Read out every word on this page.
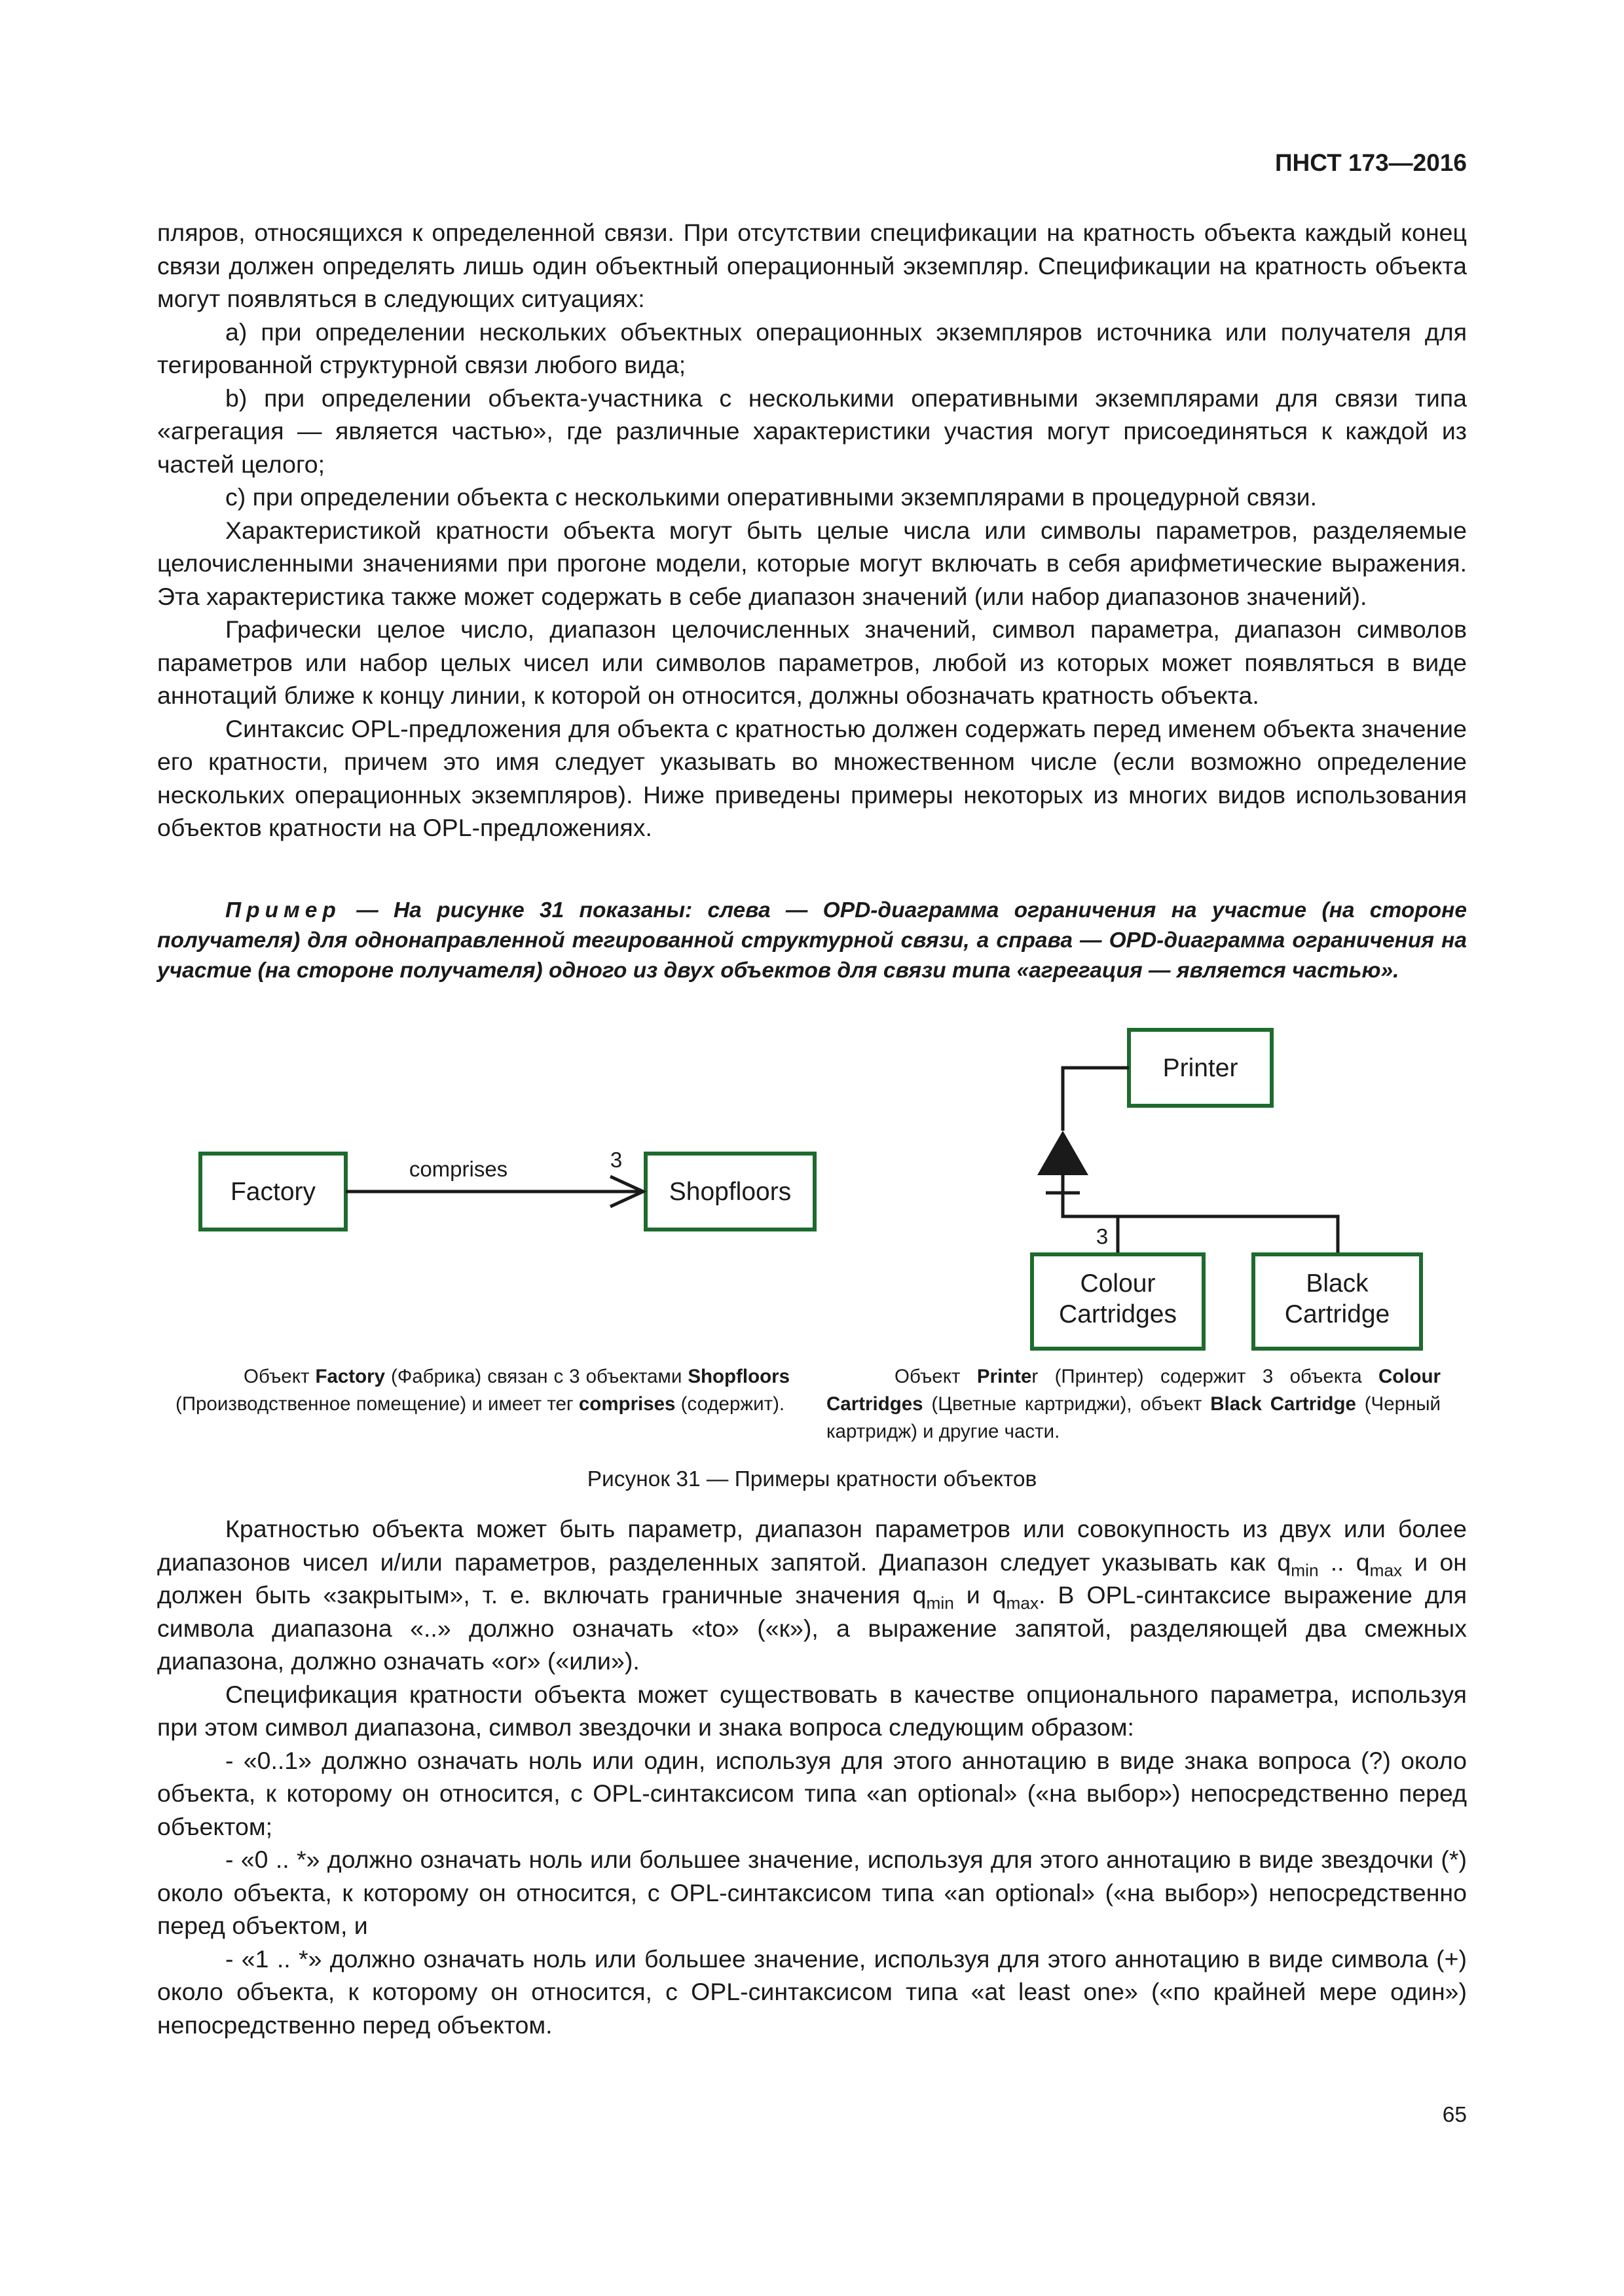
ПНСТ 173—2016

пляров, относящихся к определенной связи. При отсутствии спецификации на кратность объекта каждый конец связи должен определять лишь один объектный операционный экземпляр. Спецификации на кратность объекта могут появляться в следующих ситуациях:

a) при определении нескольких объектных операционных экземпляров источника или получателя для тегированной структурной связи любого вида;

b) при определении объекта-участника с несколькими оперативными экземплярами для связи типа «агрегация — является частью», где различные характеристики участия могут присоединяться к каждой из частей целого;

c) при определении объекта с несколькими оперативными экземплярами в процедурной связи.

Характеристикой кратности объекта могут быть целые числа или символы параметров, разделяемые целочисленными значениями при прогоне модели, которые могут включать в себя арифметические выражения. Эта характеристика также может содержать в себе диапазон значений (или набор диапазонов значений).

Графически целое число, диапазон целочисленных значений, символ параметра, диапазон символов параметров или набор целых чисел или символов параметров, любой из которых может появляться в виде аннотаций ближе к концу линии, к которой он относится, должны обозначать кратность объекта.

Синтаксис OPL-предложения для объекта с кратностью должен содержать перед именем объекта значение его кратности, причем это имя следует указывать во множественном числе (если возможно определение нескольких операционных экземпляров). Ниже приведены примеры некоторых из многих видов использования объектов кратности на OPL-предложениях.

Пример — На рисунке 31 показаны: слева — OPD-диаграмма ограничения на участие (на стороне получателя) для однонаправленной тегированной структурной связи, а справа — OPD-диаграмма ограничения на участие (на стороне получателя) одного из двух объектов для связи типа «агрегация — является частью».
Factory	Shopfloors
comprises	3
Printer
3
Colour
Cartridges
Black
Cartridge
Объект Factory (Фабрика) связан с 3 объектами Shopfloors (Производственное помещение) и имеет тег comprises (содержит).
Объект Printer (Принтер) содержит 3 объекта Colour Cartridges (Цветные картриджи), объект Black Cartridge (Черный картридж) и другие части.
Рисунок 31 — Примеры кратности объектов

Кратностью объекта может быть параметр, диапазон параметров или совокупность из двух или более диапазонов чисел и/или параметров, разделенных запятой. Диапазон следует указывать как $q_{min}$ .. $q_{max}$ и он должен быть «закрытым», т. е. включать граничные значения $q_{min}$ и $q_{max}$. В OPL-синтаксисе выражение для символа диапазона «..» должно означать «to» («к»), а выражение запятой, разделяющей два смежных диапазона, должно означать «or» («или»).

Спецификация кратности объекта может существовать в качестве опционального параметра, используя при этом символ диапазона, символ звездочки и знака вопроса следующим образом:

- «0..1» должно означать ноль или один, используя для этого аннотацию в виде знака вопроса (?) около объекта, к которому он относится, с OPL-синтаксисом типа «an optional» («на выбор») непосредственно перед объектом;

- «0 .. *» должно означать ноль или большее значение, используя для этого аннотацию в виде звездочки (*) около объекта, к которому он относится, с OPL-синтаксисом типа «an optional» («на выбор») непосредственно перед объектом, и

- «1 .. *» должно означать ноль или большее значение, используя для этого аннотацию в виде символа (+) около объекта, к которому он относится, с OPL-синтаксисом типа «at least one» («по крайней мере один») непосредственно перед объектом.

65
